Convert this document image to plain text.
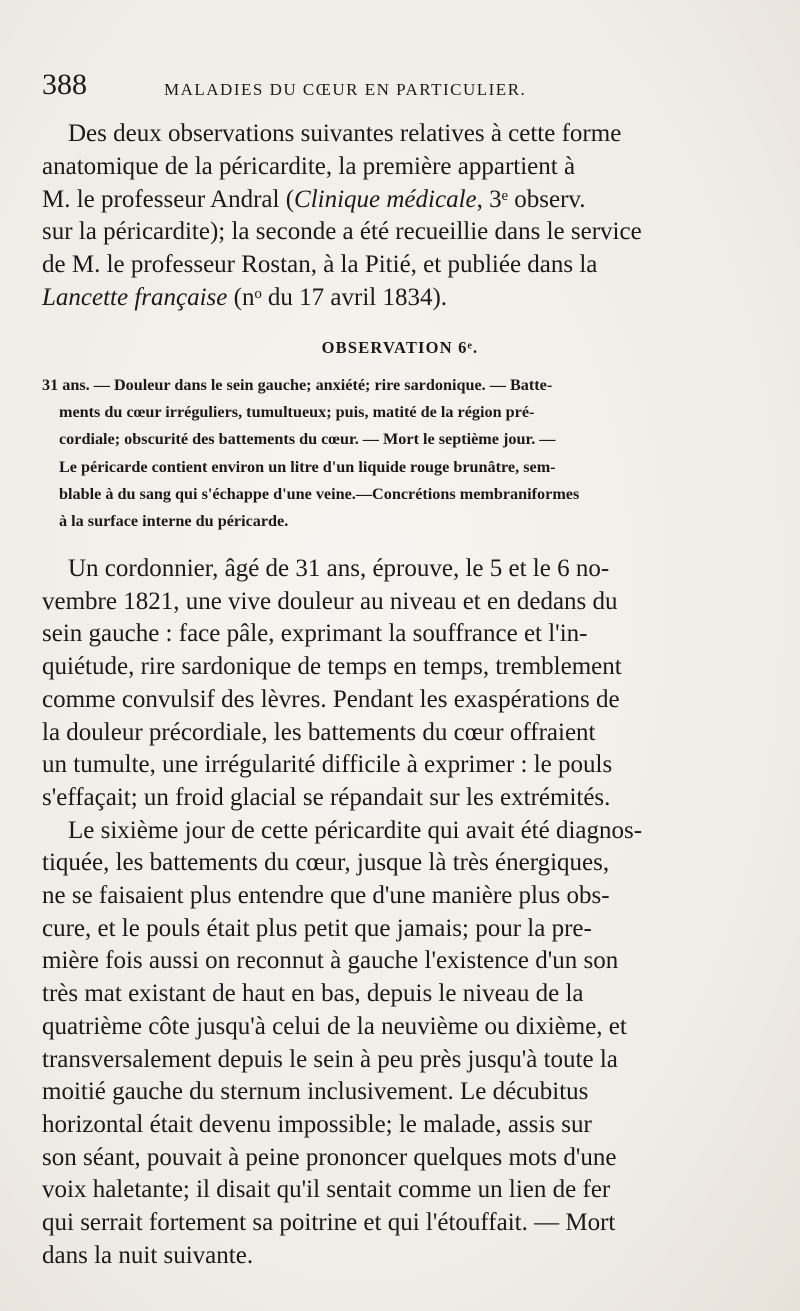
388	MALADIES DU CŒUR EN PARTICULIER.
Des deux observations suivantes relatives à cette forme
anatomique de la péricardite, la première appartient à
M. le professeur Andral (Clinique médicale, 3ᵉ observ.
sur la péricardite); la seconde a été recueillie dans le service
de M. le professeur Rostan, à la Pitié, et publiée dans la
Lancette française (nᵒ du 17 avril 1834).
OBSERVATION 6ᵉ.
31 ans. — Douleur dans le sein gauche; anxiété; rire sardonique. — Batte-
ments du cœur irréguliers, tumultueux; puis, matité de la région pré-
cordiale; obscurité des battements du cœur. — Mort le septième jour. —
Le péricarde contient environ un litre d'un liquide rouge brunâtre, sem-
blable à du sang qui s'échappe d'une veine.—Concrétions membraniformes
à la surface interne du péricarde.
Un cordonnier, âgé de 31 ans, éprouve, le 5 et le 6 no-
vembre 1821, une vive douleur au niveau et en dedans du
sein gauche : face pâle, exprimant la souffrance et l'in-
quiétude, rire sardonique de temps en temps, tremblement
comme convulsif des lèvres. Pendant les exaspérations de
la douleur précordiale, les battements du cœur offraient
un tumulte, une irrégularité difficile à exprimer : le pouls
s'effaçait; un froid glacial se répandait sur les extrémités.
Le sixième jour de cette péricardite qui avait été diagnos-
tiquée, les battements du cœur, jusque là très énergiques,
ne se faisaient plus entendre que d'une manière plus obs-
cure, et le pouls était plus petit que jamais; pour la pre-
mière fois aussi on reconnut à gauche l'existence d'un son
très mat existant de haut en bas, depuis le niveau de la
quatrième côte jusqu'à celui de la neuvième ou dixième, et
transversalement depuis le sein à peu près jusqu'à toute la
moitié gauche du sternum inclusivement. Le décubitus
horizontal était devenu impossible; le malade, assis sur
son séant, pouvait à peine prononcer quelques mots d'une
voix haletante; il disait qu'il sentait comme un lien de fer
qui serrait fortement sa poitrine et qui l'étouffait. — Mort
dans la nuit suivante.
